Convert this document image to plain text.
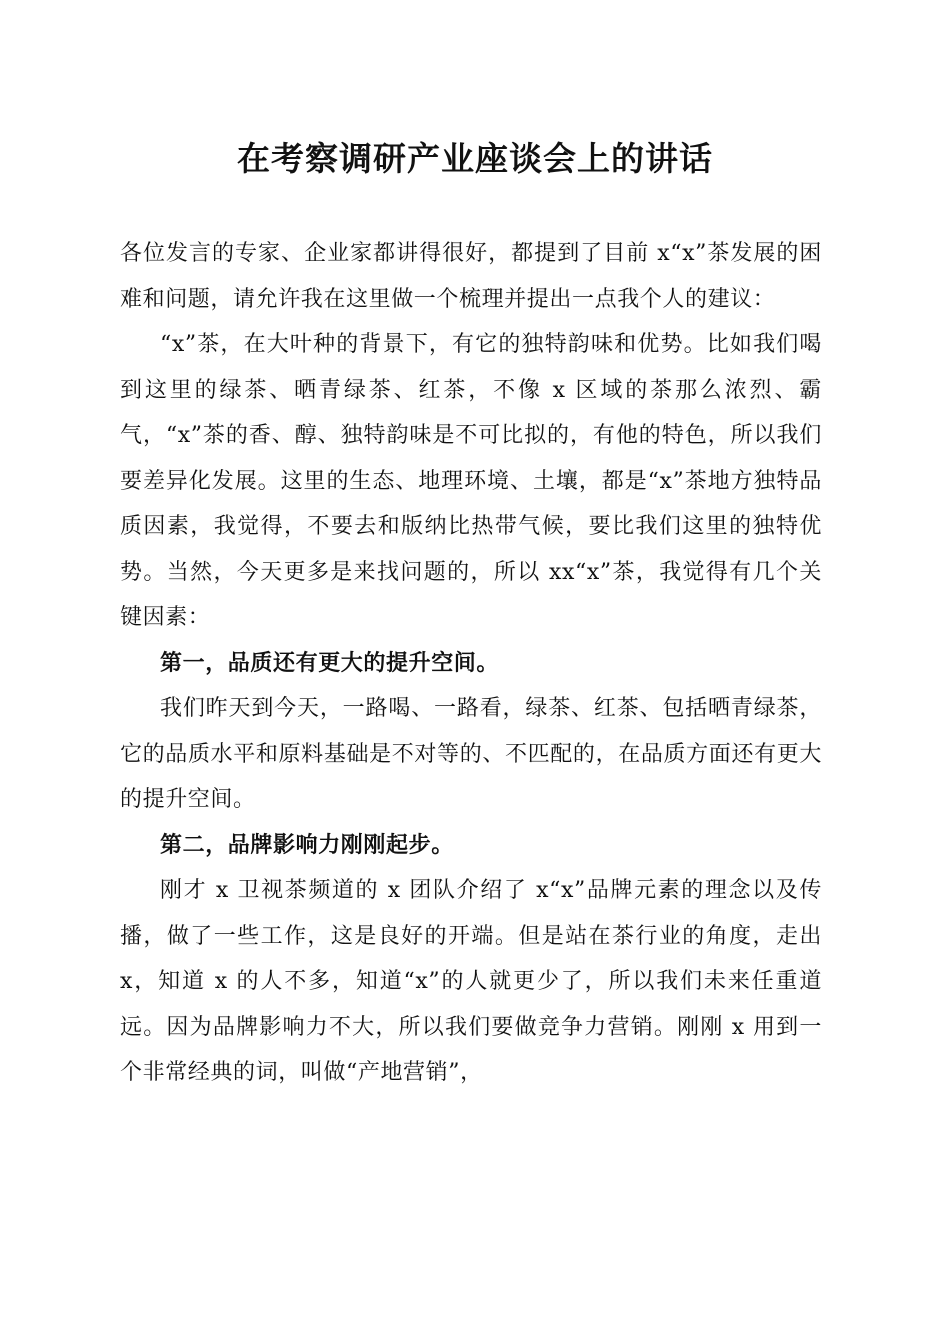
在考察调研产业座谈会上的讲话

各位发言的专家、企业家都讲得很好，都提到了目前 x“x”茶发展的困难和问题，请允许我在这里做一个梳理并提出一点我个人的建议：

“x”茶，在大叶种的背景下，有它的独特韵味和优势。比如我们喝到这里的绿茶、晒青绿茶、红茶，不像 x 区域的茶那么浓烈、霸气，“x”茶的香、醇、独特韵味是不可比拟的，有他的特色，所以我们要差异化发展。这里的生态、地理环境、土壤，都是“x”茶地方独特品质因素，我觉得，不要去和版纳比热带气候，要比我们这里的独特优势。当然，今天更多是来找问题的，所以 xx“x”茶，我觉得有几个关键因素：

第一，品质还有更大的提升空间。

我们昨天到今天，一路喝、一路看，绿茶、红茶、包括晒青绿茶，它的品质水平和原料基础是不对等的、不匹配的，在品质方面还有更大的提升空间。

第二，品牌影响力刚刚起步。

刚才 x 卫视茶频道的 x 团队介绍了 x“x”品牌元素的理念以及传播，做了一些工作，这是良好的开端。但是站在茶行业的角度，走出 x，知道 x 的人不多，知道“x”的人就更少了，所以我们未来任重道远。因为品牌影响力不大，所以我们要做竞争力营销。刚刚 x 用到一个非常经典的词，叫做“产地营销”，
